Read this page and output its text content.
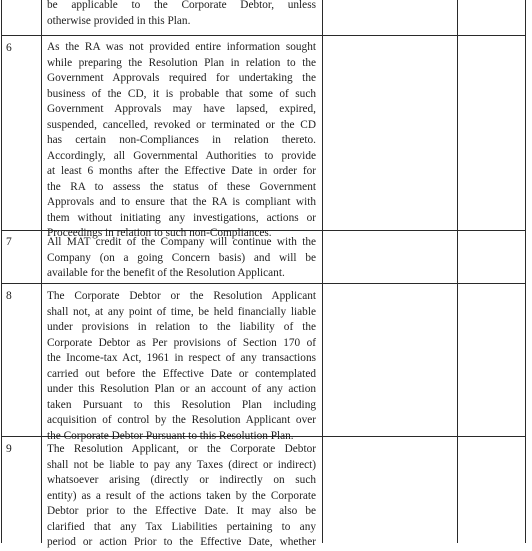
be applicable to the Corporate Debtor, unless
otherwise provided in this Plan.
6	As the RA was not provided entire information sought
while preparing the Resolution Plan in relation to the
Government Approvals required for undertaking the
business of the CD, it is probable that some of such
Government Approvals may have lapsed, expired,
suspended, cancelled, revoked or terminated or the CD
has certain non-Compliances in relation thereto.
Accordingly, all Governmental Authorities to provide
at least 6 months after the Effective Date in order for
the RA to assess the status of these Government
Approvals and to ensure that the RA is compliant with
them without initiating any investigations, actions or
Proceedings in relation to such non-Compliances.
7	All MAT credit of the Company will continue with the
Company (on a going Concern basis) and will be
available for the benefit of the Resolution Applicant.
8	The Corporate Debtor or the Resolution Applicant
shall not, at any point of time, be held financially liable
under provisions in relation to the liability of the
Corporate Debtor as Per provisions of Section 170 of
the Income-tax Act, 1961 in respect of any transactions
carried out before the Effective Date or contemplated
under this Resolution Plan or an account of any action
taken Pursuant to this Resolution Plan including
acquisition of control by the Resolution Applicant over
the Corporate Debtor Pursuant to this Resolution Plan.
9	The Resolution Applicant, or the Corporate Debtor
shall not be liable to pay any Taxes (direct or indirect)
whatsoever arising (directly or indirectly on such
entity) as a result of the actions taken by the Corporate
Debtor prior to the Effective Date. It may also be
clarified that any Tax Liabilities pertaining to any
period or action Prior to the Effective Date, whether
